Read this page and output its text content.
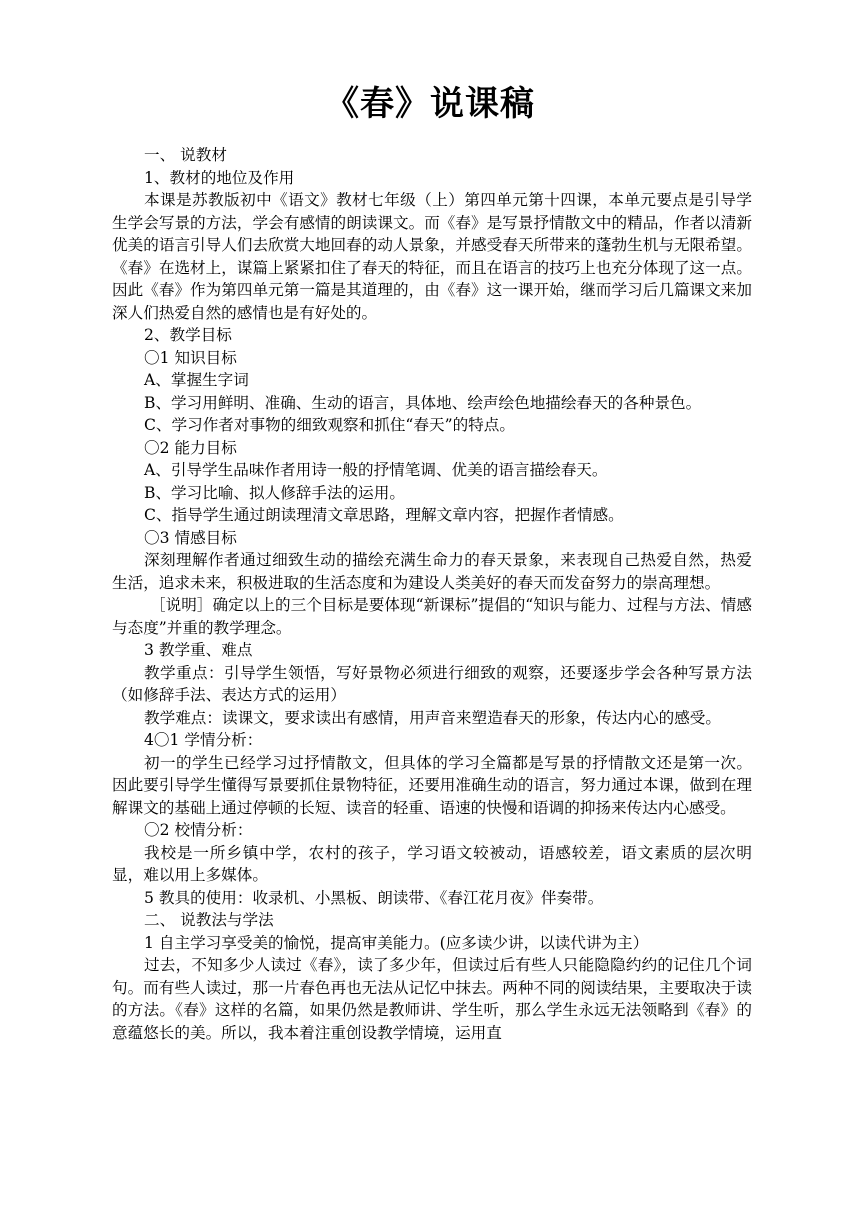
《春》说课稿

一、 说教材

1、教材的地位及作用

本课是苏教版初中《语文》教材七年级（上）第四单元第十四课，本单元要点是引导学生学会写景的方法，学会有感情的朗读课文。而《春》是写景抒情散文中的精品，作者以清新优美的语言引导人们去欣赏大地回春的动人景象，并感受春天所带来的蓬勃生机与无限希望。《春》在选材上，谋篇上紧紧扣住了春天的特征，而且在语言的技巧上也充分体现了这一点。因此《春》作为第四单元第一篇是其道理的，由《春》这一课开始，继而学习后几篇课文来加深人们热爱自然的感情也是有好处的。

2、教学目标

〇1 知识目标

A、掌握生字词

B、学习用鲜明、准确、生动的语言，具体地、绘声绘色地描绘春天的各种景色。

C、学习作者对事物的细致观察和抓住“春天”的特点。

〇2 能力目标

A、引导学生品味作者用诗一般的抒情笔调、优美的语言描绘春天。

B、学习比喻、拟人修辞手法的运用。

C、指导学生通过朗读理清文章思路，理解文章内容，把握作者情感。

〇3 情感目标

深刻理解作者通过细致生动的描绘充满生命力的春天景象，来表现自己热爱自然，热爱生活，追求未来，积极进取的生活态度和为建设人类美好的春天而发奋努力的崇高理想。

［说明］确定以上的三个目标是要体现“新课标”提倡的“知识与能力、过程与方法、情感与态度”并重的教学理念。

3 教学重、难点

教学重点：引导学生领悟，写好景物必须进行细致的观察，还要逐步学会各种写景方法（如修辞手法、表达方式的运用）

教学难点：读课文，要求读出有感情，用声音来塑造春天的形象，传达内心的感受。

4〇1 学情分析：

初一的学生已经学习过抒情散文，但具体的学习全篇都是写景的抒情散文还是第一次。因此要引导学生懂得写景要抓住景物特征，还要用准确生动的语言，努力通过本课，做到在理解课文的基础上通过停顿的长短、读音的轻重、语速的快慢和语调的抑扬来传达内心感受。

〇2 校情分析：

我校是一所乡镇中学，农村的孩子，学习语文较被动，语感较差，语文素质的层次明显，难以用上多媒体。

5 教具的使用：收录机、小黑板、朗读带、《春江花月夜》伴奏带。

二、 说教法与学法

1 自主学习享受美的愉悦，提高审美能力。(应多读少讲，以读代讲为主）

过去，不知多少人读过《春》，读了多少年，但读过后有些人只能隐隐约约的记住几个词句。而有些人读过，那一片春色再也无法从记忆中抹去。两种不同的阅读结果，主要取决于读的方法。《春》这样的名篇，如果仍然是教师讲、学生听，那么学生永远无法领略到《春》的意蕴悠长的美。所以，我本着注重创设教学情境，运用直
